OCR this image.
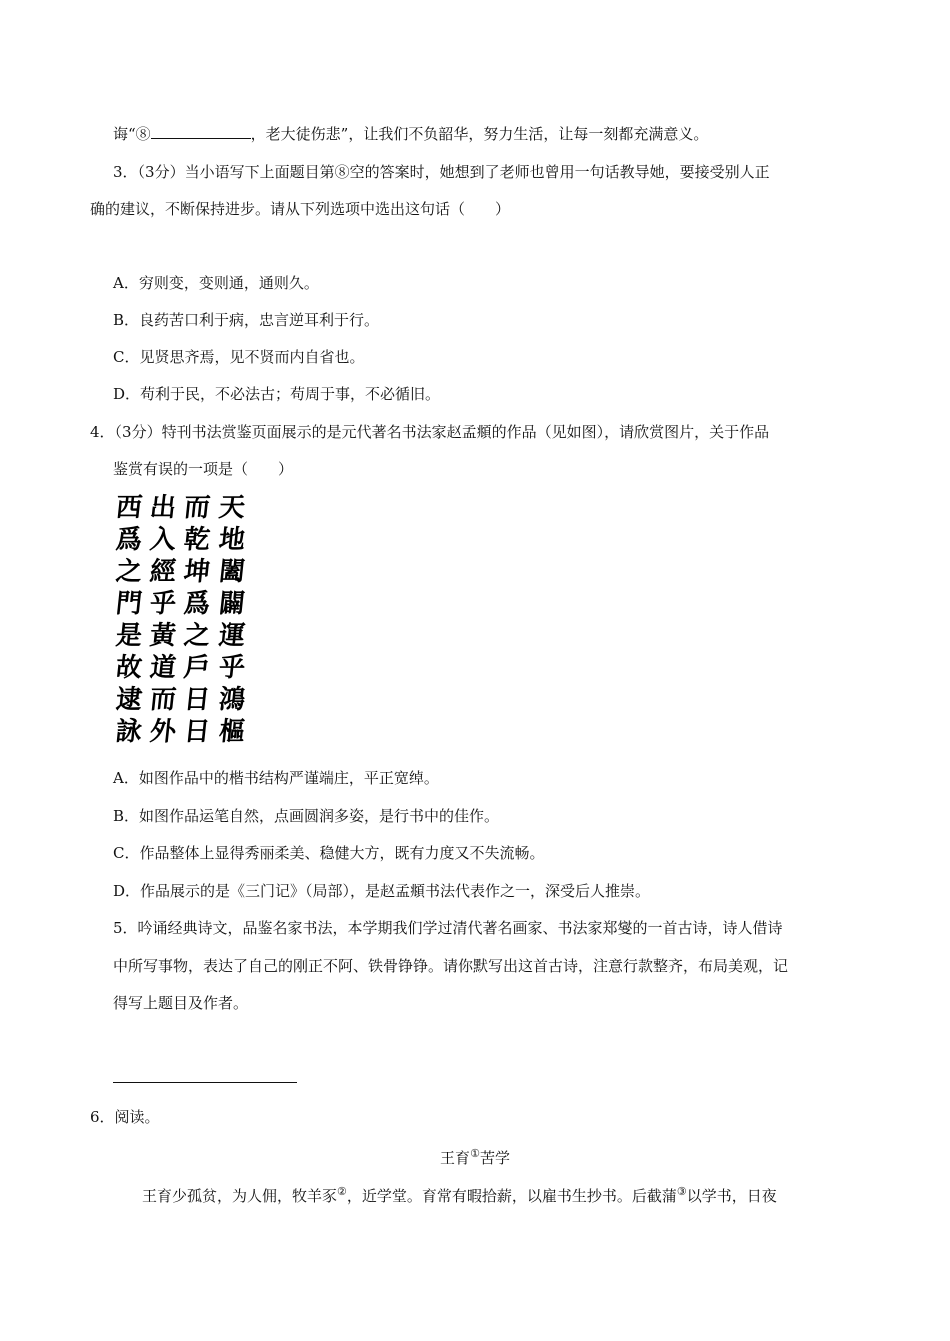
诲“⑧	，老大徒伤悲”，让我们不负韶华，努力生活，让每一刻都充满意义。
3．（3分）当小语写下上面题目第⑧空的答案时，她想到了老师也曾用一句话教导她，要接受别人正
确的建议，不断保持进步。请从下列选项中选出这句话（　　）
A．穷则变，变则通，通则久。
B．良药苦口利于病，忠言逆耳利于行。
C．见贤思齐焉，见不贤而内自省也。
D．苟利于民，不必法古；苟周于事，不必循旧。
4．（3分）特刊书法赏鉴页面展示的是元代著名书法家赵孟頫的作品（见如图），请欣赏图片，关于作品
鉴赏有误的一项是（　　）
天
地
闔
闢
運
乎
鴻
樞
而
乾
坤
爲
之
戶
日
日
出
入
經
乎
黃
道
而
外
西
爲
之
門
是
故
逮
詠
A．如图作品中的楷书结构严谨端庄，平正宽绰。
B．如图作品运笔自然，点画圆润多姿，是行书中的佳作。
C．作品整体上显得秀丽柔美、稳健大方，既有力度又不失流畅。
D．作品展示的是《三门记》（局部），是赵孟頫书法代表作之一，深受后人推崇。
5．吟诵经典诗文，品鉴名家书法，本学期我们学过清代著名画家、书法家郑燮的一首古诗，诗人借诗
中所写事物，表达了自己的刚正不阿、铁骨铮铮。请你默写出这首古诗，注意行款整齐，布局美观，记
得写上题目及作者。
6．阅读。
王育①苦学
王育少孤贫，为人佣，牧羊豕②，近学堂。育常有暇拾薪，以雇书生抄书。后截蒲③以学书，日夜
